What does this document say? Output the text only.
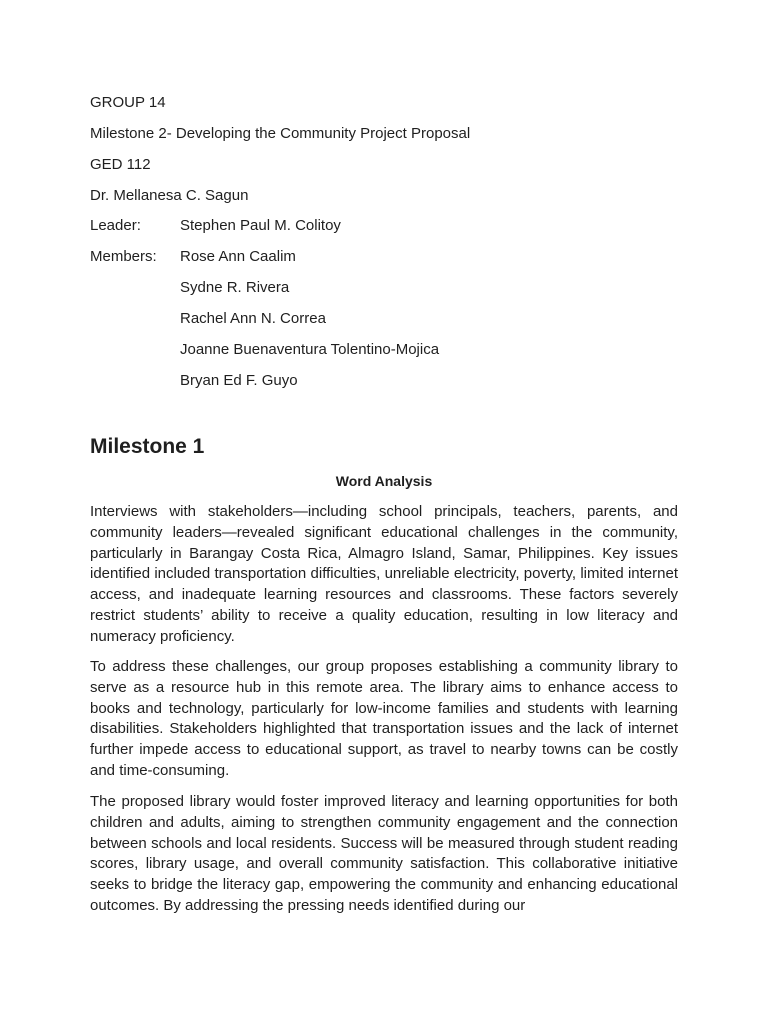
GROUP 14
Milestone 2- Developing the Community Project Proposal
GED 112
Dr. Mellanesa C. Sagun
Leader:	Stephen Paul M. Colitoy
Members: Rose Ann Caalim
Sydne R. Rivera
Rachel Ann N. Correa
Joanne Buenaventura Tolentino-Mojica
Bryan Ed F. Guyo
Milestone 1
Word Analysis

Interviews with stakeholders—including school principals, teachers, parents, and community leaders—revealed significant educational challenges in the community, particularly in Barangay Costa Rica, Almagro Island, Samar, Philippines. Key issues identified included transportation difficulties, unreliable electricity, poverty, limited internet access, and inadequate learning resources and classrooms. These factors severely restrict students’ ability to receive a quality education, resulting in low literacy and numeracy proficiency.

To address these challenges, our group proposes establishing a community library to serve as a resource hub in this remote area. The library aims to enhance access to books and technology, particularly for low-income families and students with learning disabilities. Stakeholders highlighted that transportation issues and the lack of internet further impede access to educational support, as travel to nearby towns can be costly and time-consuming.

The proposed library would foster improved literacy and learning opportunities for both children and adults, aiming to strengthen community engagement and the connection between schools and local residents. Success will be measured through student reading scores, library usage, and overall community satisfaction. This collaborative initiative seeks to bridge the literacy gap, empowering the community and enhancing educational outcomes. By addressing the pressing needs identified during our
